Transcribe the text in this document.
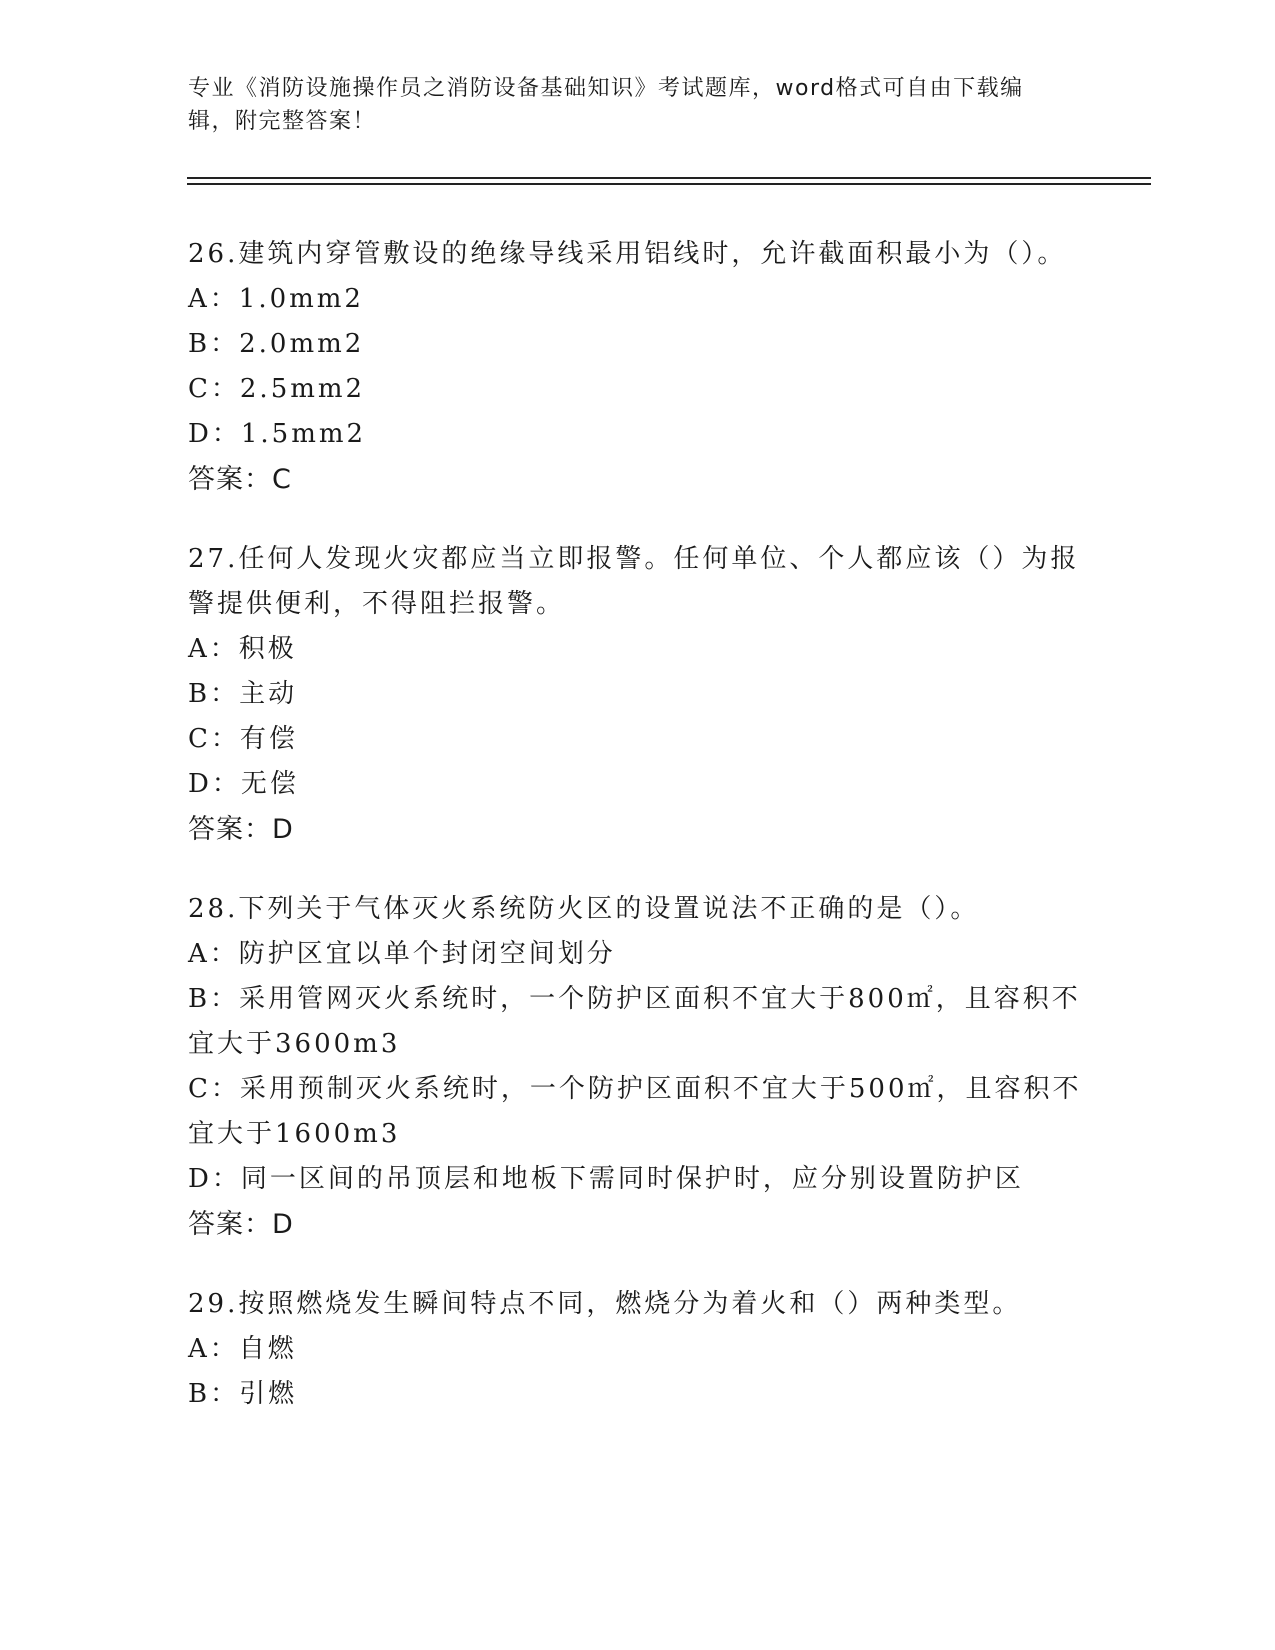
专业《消防设施操作员之消防设备基础知识》考试题库，word格式可自由下载编辑，附完整答案！

26.建筑内穿管敷设的绝缘导线采用铝线时，允许截面积最小为（）。

A：1.0mm2

B：2.0mm2

C：2.5mm2

D：1.5mm2

答案：C

27.任何人发现火灾都应当立即报警。任何单位、个人都应该（）为报警提供便利，不得阻拦报警。

A：积极

B：主动

C：有偿

D：无偿

答案：D

28.下列关于气体灭火系统防火区的设置说法不正确的是（）。

A：防护区宜以单个封闭空间划分

B：采用管网灭火系统时，一个防护区面积不宜大于800㎡，且容积不宜大于3600m3

C：采用预制灭火系统时，一个防护区面积不宜大于500㎡，且容积不宜大于1600m3

D：同一区间的吊顶层和地板下需同时保护时，应分别设置防护区

答案：D

29.按照燃烧发生瞬间特点不同，燃烧分为着火和（）两种类型。

A：自燃

B：引燃
